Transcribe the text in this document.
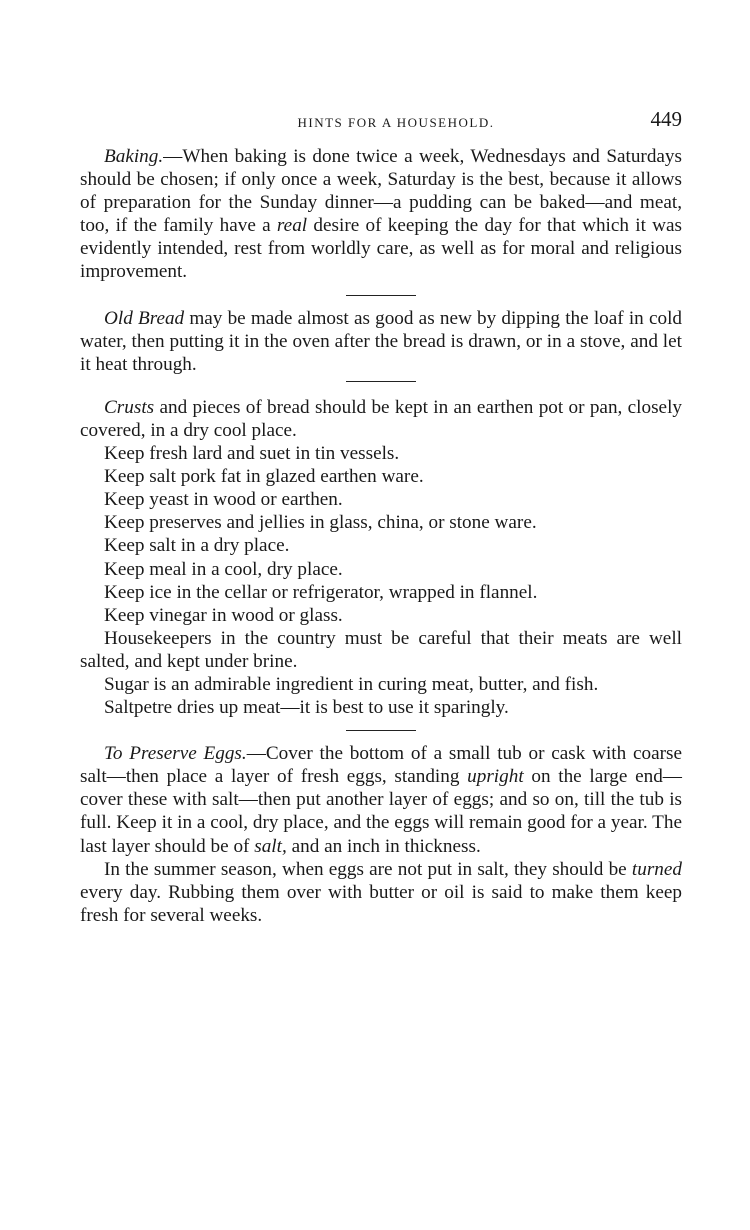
HINTS FOR A HOUSEHOLD.	449

Baking.—When baking is done twice a week, Wednesdays and Saturdays should be chosen; if only once a week, Saturday is the best, because it allows of preparation for the Sunday dinner—a pudding can be baked—and meat, too, if the family have a real desire of keeping the day for that which it was evidently intended, rest from worldly care, as well as for moral and religious improvement.

Old Bread may be made almost as good as new by dipping the loaf in cold water, then putting it in the oven after the bread is drawn, or in a stove, and let it heat through.

Crusts and pieces of bread should be kept in an earthen pot or pan, closely covered, in a dry cool place.

Keep fresh lard and suet in tin vessels.
Keep salt pork fat in glazed earthen ware.
Keep yeast in wood or earthen.
Keep preserves and jellies in glass, china, or stone ware.
Keep salt in a dry place.
Keep meal in a cool, dry place.
Keep ice in the cellar or refrigerator, wrapped in flannel.
Keep vinegar in wood or glass.

Housekeepers in the country must be careful that their meats are well salted, and kept under brine.

Sugar is an admirable ingredient in curing meat, butter, and fish.

Saltpetre dries up meat—it is best to use it sparingly.

To Preserve Eggs.—Cover the bottom of a small tub or cask with coarse salt—then place a layer of fresh eggs, standing upright on the large end—cover these with salt—then put another layer of eggs; and so on, till the tub is full. Keep it in a cool, dry place, and the eggs will remain good for a year. The last layer should be of salt, and an inch in thickness.

In the summer season, when eggs are not put in salt, they should be turned every day. Rubbing them over with butter or oil is said to make them keep fresh for several weeks.
